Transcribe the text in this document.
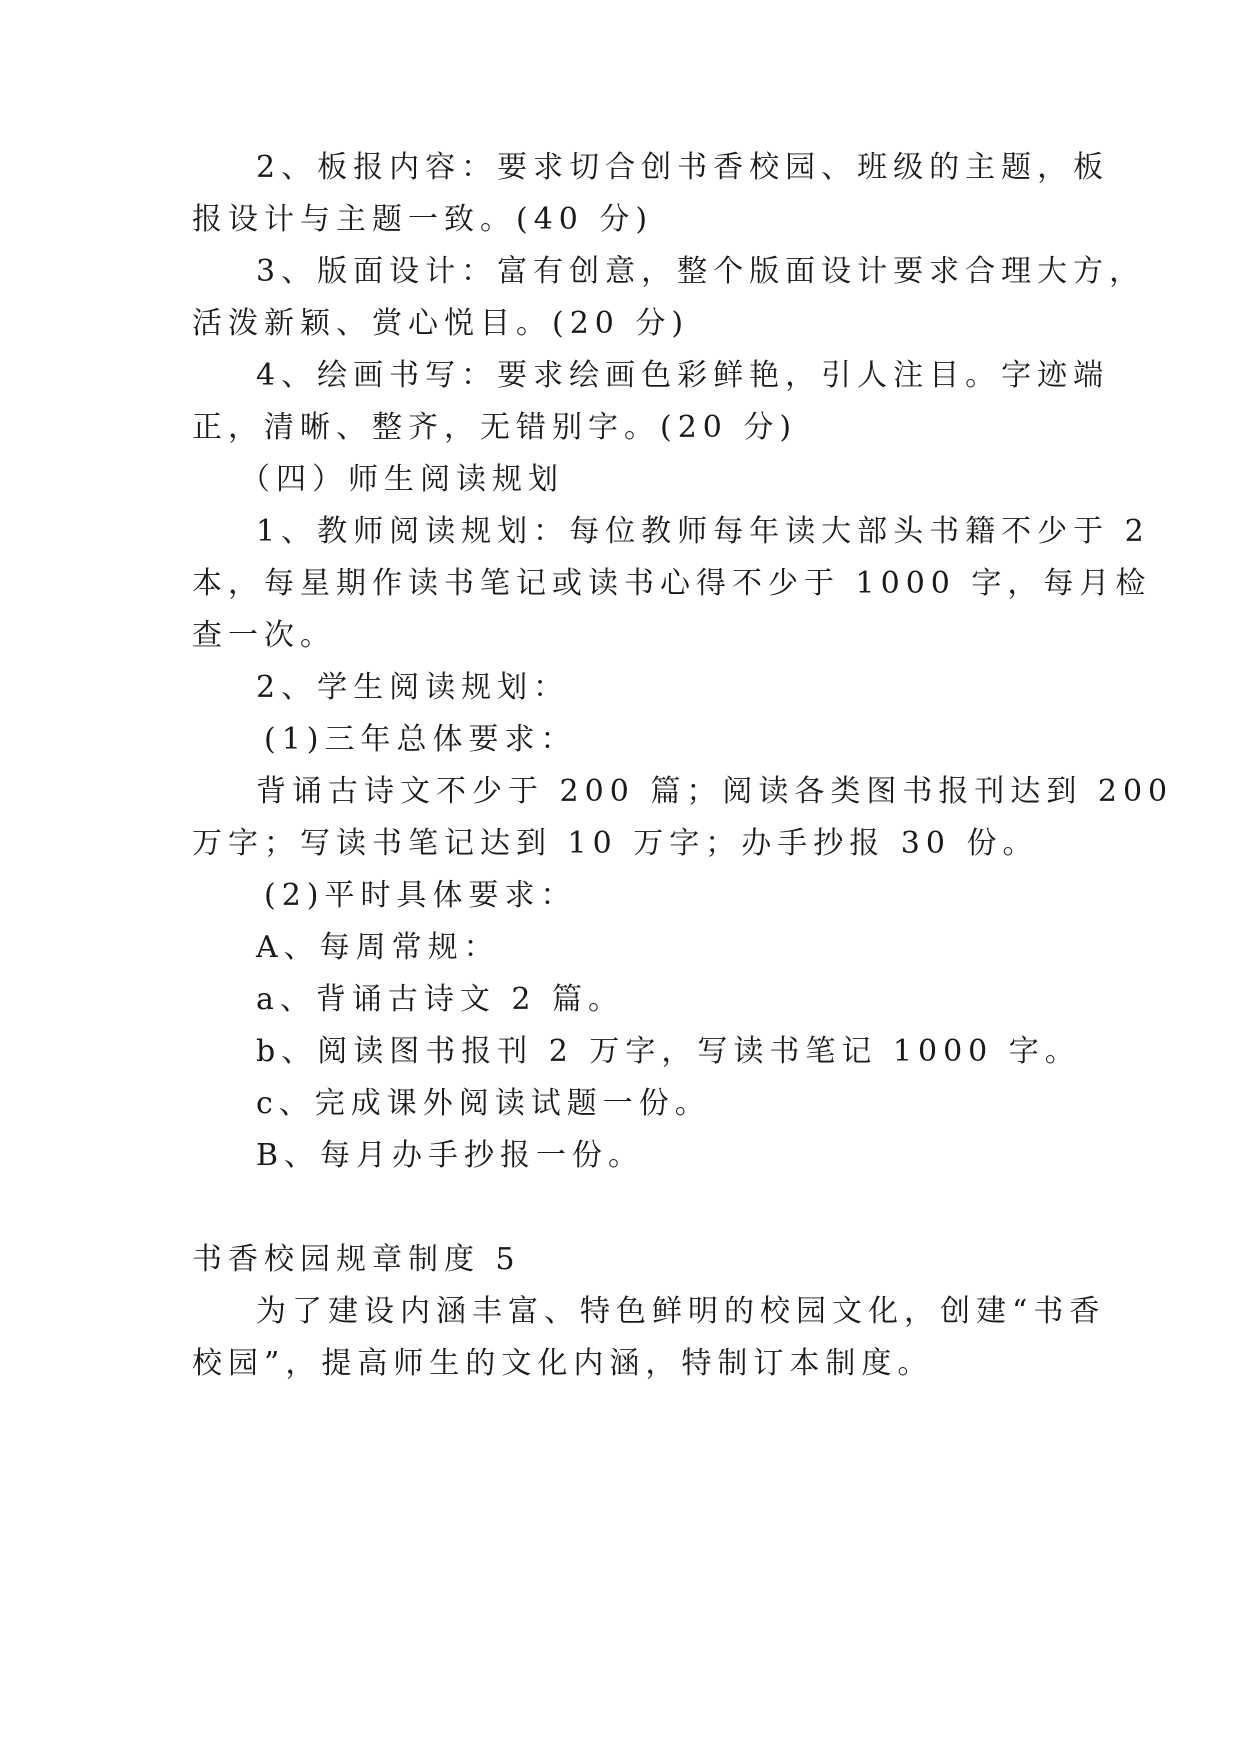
2、板报内容：要求切合创书香校园、班级的主题，板
报设计与主题一致。(40 分)
3、版面设计：富有创意，整个版面设计要求合理大方，
活泼新颖、赏心悦目。(20 分)
4、绘画书写：要求绘画色彩鲜艳，引人注目。字迹端
正，清晰、整齐，无错别字。(20 分)
（四）师生阅读规划
1、教师阅读规划：每位教师每年读大部头书籍不少于 2
本，每星期作读书笔记或读书心得不少于 1000 字，每月检
查一次。
2、学生阅读规划：
(1)三年总体要求：
背诵古诗文不少于 200 篇；阅读各类图书报刊达到 200
万字；写读书笔记达到 10 万字；办手抄报 30 份。
(2)平时具体要求：
A、每周常规：
a、背诵古诗文 2 篇。
b、阅读图书报刊 2 万字，写读书笔记 1000 字。
c、完成课外阅读试题一份。
B、每月办手抄报一份。
书香校园规章制度 5
为了建设内涵丰富、特色鲜明的校园文化，创建“书香
校园”，提高师生的文化内涵，特制订本制度。
